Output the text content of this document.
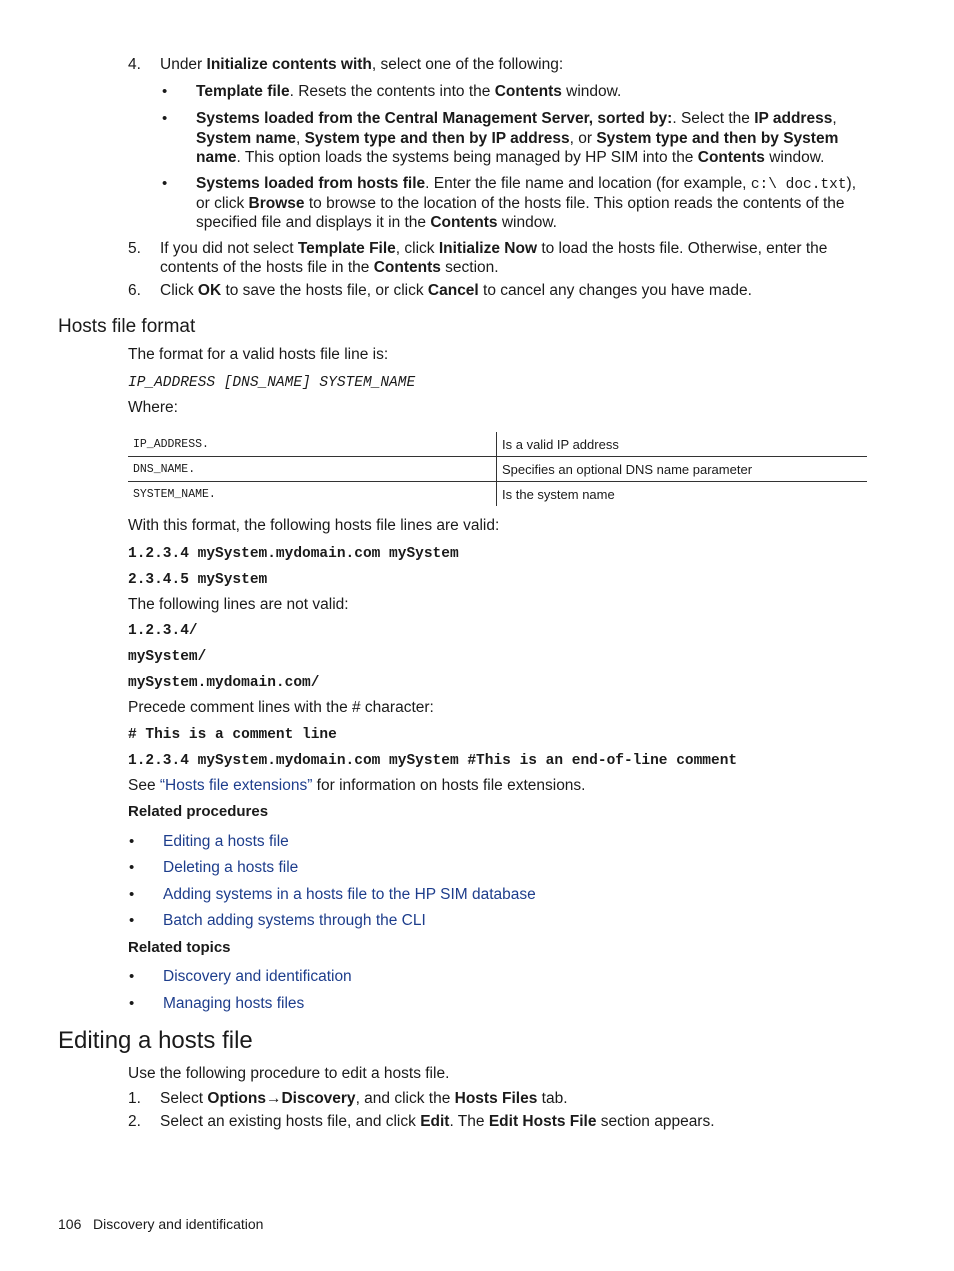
4. Under Initialize contents with, select one of the following:
• Template file. Resets the contents into the Contents window.
• Systems loaded from the Central Management Server, sorted by:. Select the IP address,
System name, System type and then by IP address, or System type and then by System
name. This option loads the systems being managed by HP SIM into the Contents window.
• Systems loaded from hosts file. Enter the file name and location (for example, c:\ doc.txt),
or click Browse to browse to the location of the hosts file. This option reads the contents of the
specified file and displays it in the Contents window.
5. If you did not select Template File, click Initialize Now to load the hosts file. Otherwise, enter the
contents of the hosts file in the Contents section.
6. Click OK to save the hosts file, or click Cancel to cancel any changes you have made.
Hosts file format
The format for a valid hosts file line is:
IP_ADDRESS [DNS_NAME] SYSTEM_NAME
Where:
IP_ADDRESS.	Is a valid IP address
DNS_NAME.	Specifies an optional DNS name parameter
SYSTEM_NAME.	Is the system name
With this format, the following hosts file lines are valid:
1.2.3.4 mySystem.mydomain.com mySystem
2.3.4.5 mySystem
The following lines are not valid:
1.2.3.4/
mySystem/
mySystem.mydomain.com/
Precede comment lines with the # character:
# This is a comment line
1.2.3.4 mySystem.mydomain.com mySystem #This is an end-of-line comment
See “Hosts file extensions” for information on hosts file extensions.
Related procedures
• Editing a hosts file
• Deleting a hosts file
• Adding systems in a hosts file to the HP SIM database
• Batch adding systems through the CLI
Related topics
• Discovery and identification
• Managing hosts files
Editing a hosts file
Use the following procedure to edit a hosts file.
1. Select Options→Discovery, and click the Hosts Files tab.
2. Select an existing hosts file, and click Edit. The Edit Hosts File section appears.
106 Discovery and identification
